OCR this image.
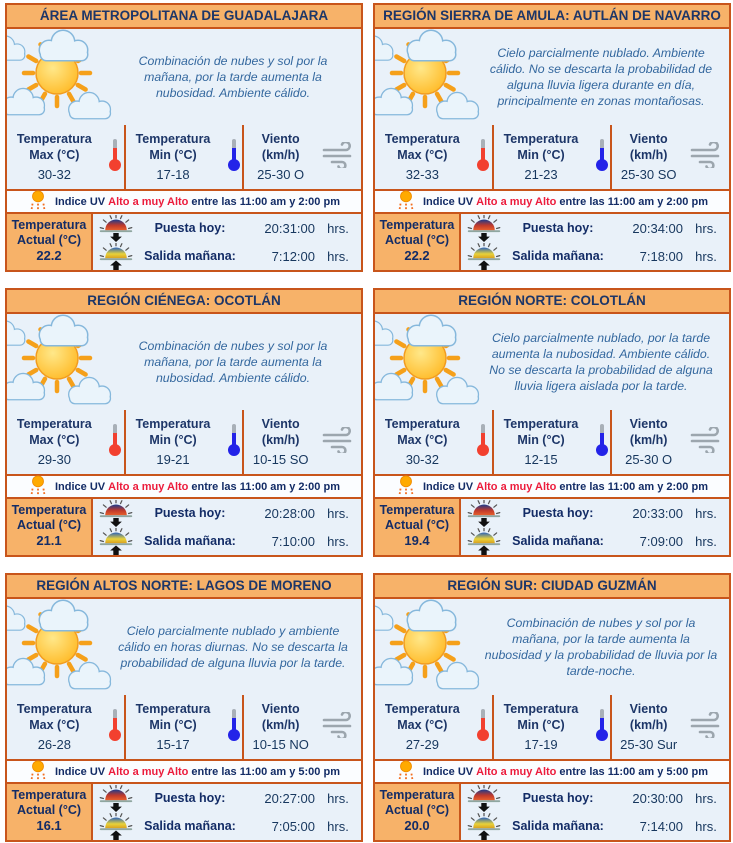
ÁREA METROPOLITANA DE GUADALAJARA
Combinación de nubes y sol por la mañana, por la tarde aumenta la nubosidad. Ambiente cálido.
Temperatura Max (°C)
30-32
Temperatura Min (°C)
17-18
Viento (km/h)
25-30 O
Indice UV Alto a muy Alto entre las 11:00 am y 2:00 pm
Temperatura Actual (°C)
22.2
Puesta hoy:	20:31:00 hrs.
Salida mañana:	7:12:00 hrs.
REGIÓN SIERRA DE AMULA: AUTLÁN DE NAVARRO
Cielo parcialmente nublado. Ambiente cálido. No se descarta la probabilidad de alguna lluvia ligera durante en día, principalmente en zonas montañosas.
Temperatura Max (°C)
32-33
Temperatura Min (°C)
21-23
Viento (km/h)
25-30 SO
Indice UV Alto a muy Alto entre las 11:00 am y 2:00 pm
Temperatura Actual (°C)
22.2
Puesta hoy:	20:34:00 hrs.
Salida mañana:	7:18:00 hrs.
REGIÓN CIÉNEGA: OCOTLÁN
Combinación de nubes y sol por la mañana, por la tarde aumenta la nubosidad. Ambiente cálido.
Temperatura Max (°C)
29-30
Temperatura Min (°C)
19-21
Viento (km/h)
10-15 SO
Indice UV Alto a muy Alto entre las 11:00 am y 2:00 pm
Temperatura Actual (°C)
21.1
Puesta hoy:	20:28:00 hrs.
Salida mañana:	7:10:00 hrs.
REGIÓN NORTE: COLOTLÁN
Cielo parcialmente nublado, por la tarde aumenta la nubosidad. Ambiente cálido. No se descarta la probabilidad de alguna lluvia ligera aislada por la tarde.
Temperatura Max (°C)
30-32
Temperatura Min (°C)
12-15
Viento (km/h)
25-30 O
Indice UV Alto a muy Alto entre las 11:00 am y 2:00 pm
Temperatura Actual (°C)
19.4
Puesta hoy:	20:33:00 hrs.
Salida mañana:	7:09:00 hrs.
REGIÓN ALTOS NORTE: LAGOS DE MORENO
Cielo parcialmente nublado y ambiente cálido en horas diurnas. No se descarta la probabilidad de alguna lluvia por la tarde.
Temperatura Max (°C)
26-28
Temperatura Min (°C)
15-17
Viento (km/h)
10-15 NO
Indice UV Alto a muy Alto entre las 11:00 am y 5:00 pm
Temperatura Actual (°C)
16.1
Puesta hoy:	20:27:00 hrs.
Salida mañana:	7:05:00 hrs.
REGIÓN SUR: CIUDAD GUZMÁN
Combinación de nubes y sol por la mañana, por la tarde aumenta la nubosidad y la probabilidad de lluvia por la tarde-noche.
Temperatura Max (°C)
27-29
Temperatura Min (°C)
17-19
Viento (km/h)
25-30 Sur
Indice UV Alto a muy Alto entre las 11:00 am y 5:00 pm
Temperatura Actual (°C)
20.0
Puesta hoy:	20:30:00 hrs.
Salida mañana:	7:14:00 hrs.
